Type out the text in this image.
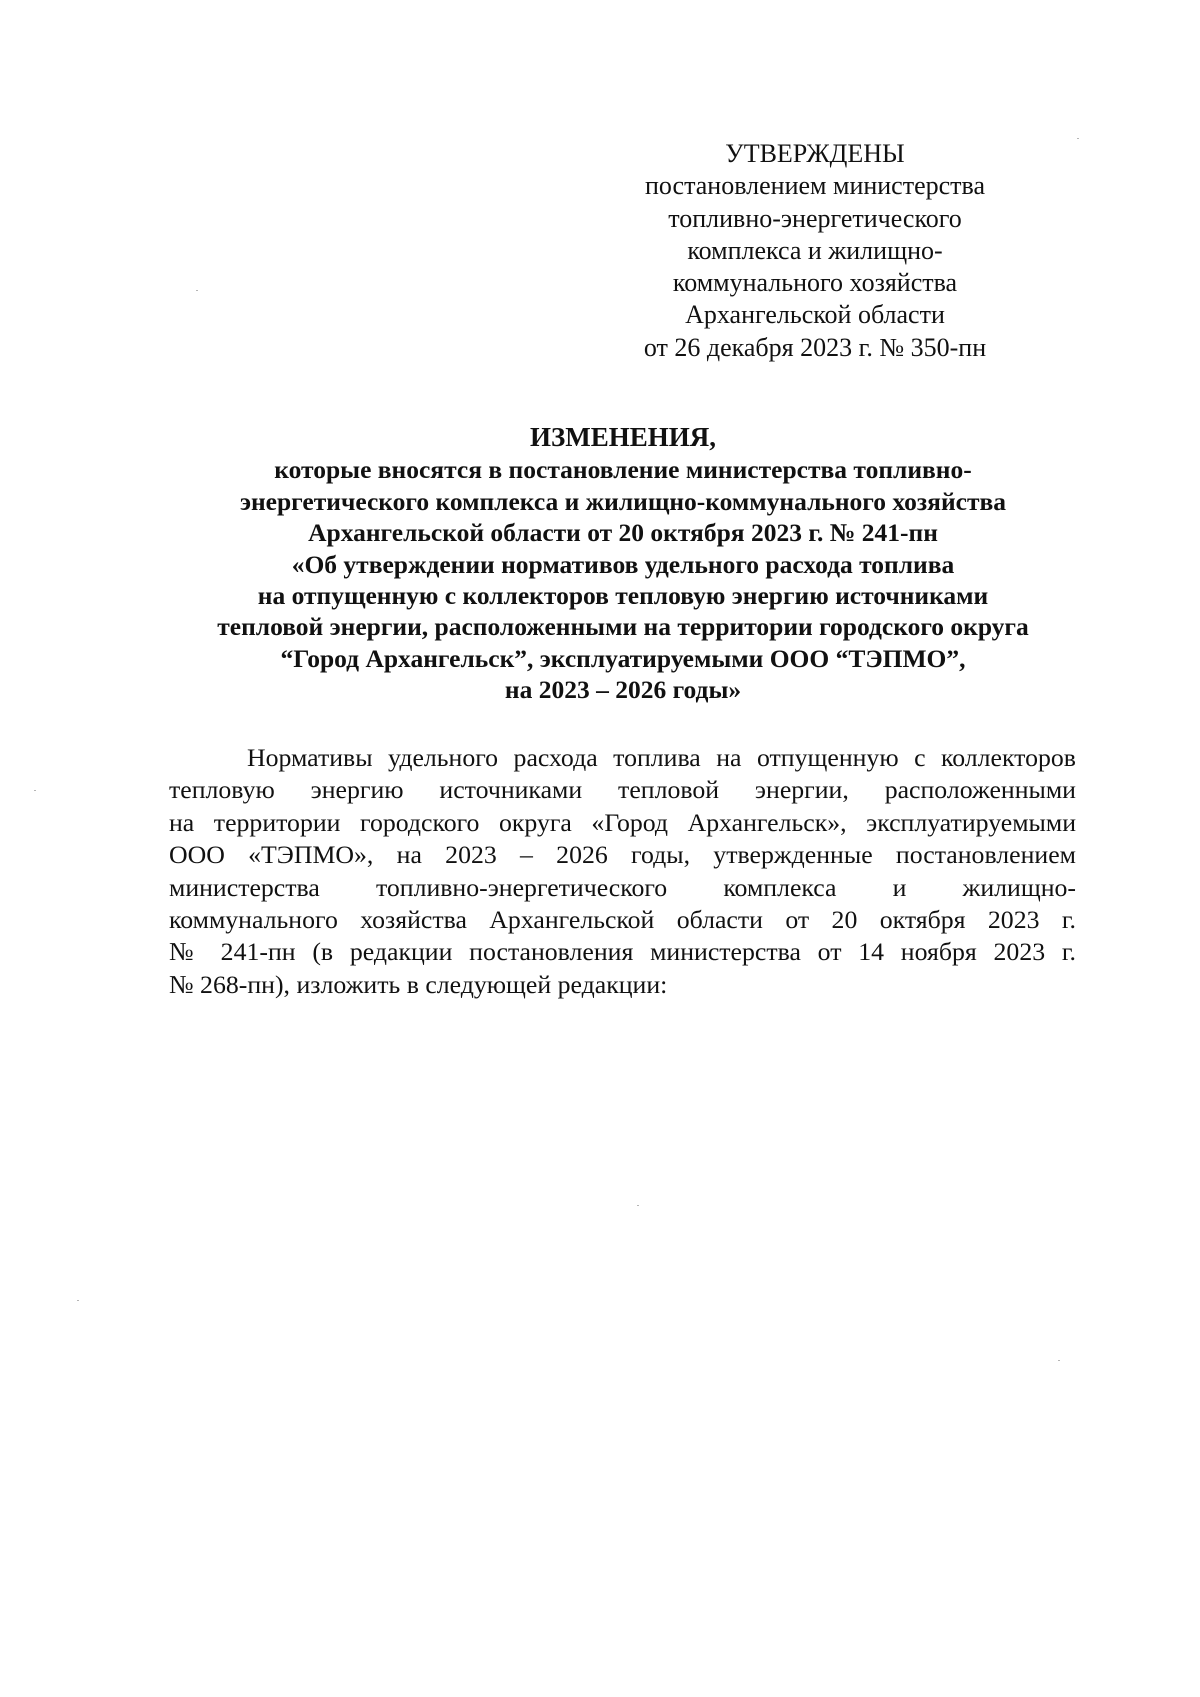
УТВЕРЖДЕНЫ
постановлением министерства
топливно-энергетического
комплекса и жилищно-
коммунального хозяйства
Архангельской области
от 26 декабря 2023 г. № 350-пн
ИЗМЕНЕНИЯ,
которые вносятся в постановление министерства топливно-
энергетического комплекса и жилищно-коммунального хозяйства
Архангельской области от 20 октября 2023 г. № 241-пн
«Об утверждении нормативов удельного расхода топлива
на отпущенную с коллекторов тепловую энергию источниками
тепловой энергии, расположенными на территории городского округа
“Город Архангельск”, эксплуатируемыми ООО “ТЭПМО”,
на 2023 – 2026 годы»
Нормативы удельного расхода топлива на отпущенную с коллекторов
тепловую энергию источниками тепловой энергии, расположенными
на территории городского округа «Город Архангельск», эксплуатируемыми
ООО «ТЭПМО», на 2023 – 2026 годы, утвержденные постановлением
министерства топливно-энергетического комплекса и жилищно-
коммунального хозяйства Архангельской области от 20 октября 2023 г.
№ 241-пн (в редакции постановления министерства от 14 ноября 2023 г.
№ 268-пн), изложить в следующей редакции:
